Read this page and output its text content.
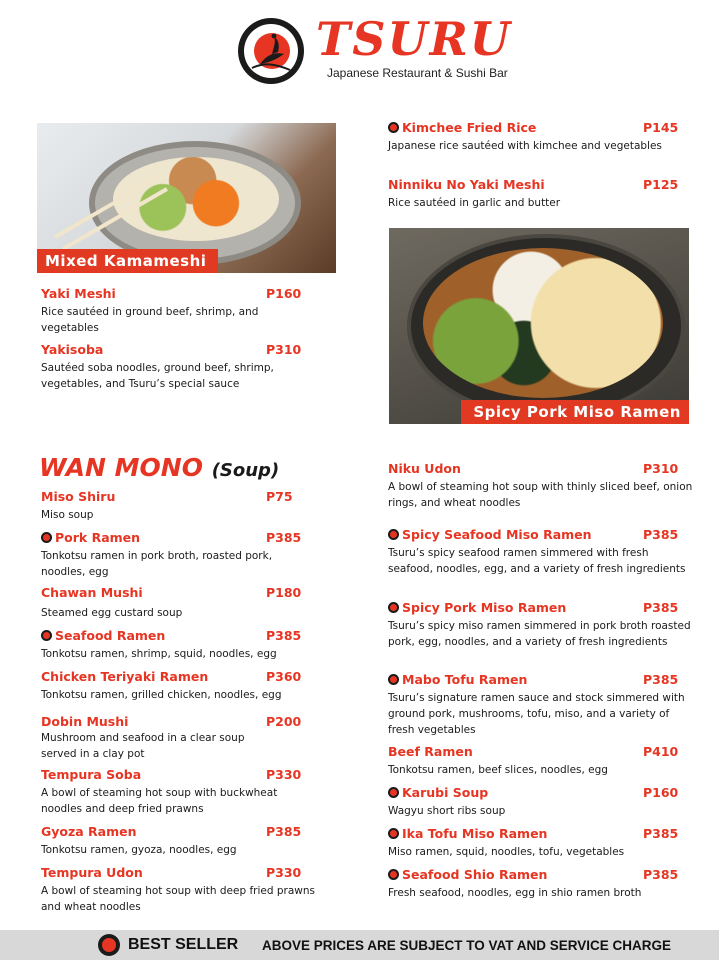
TSURU
Japanese Restaurant & Sushi Bar
Mixed Kamameshi
Spicy Pork Miso Ramen
Yaki Meshi	P160
Rice sautéed in ground beef, shrimp, and vegetables
Yakisoba	P310
Sautéed soba noodles, ground beef, shrimp, vegetables, and Tsuru’s special sauce
Kimchee Fried Rice	P145
Japanese rice sautéed with kimchee and vegetables
Ninniku No Yaki Meshi	P125
Rice sautéed in garlic and butter
WAN MONO (Soup)
Miso Shiru	P75
Miso soup
Pork Ramen	P385
Tonkotsu ramen in pork broth, roasted pork, noodles, egg
Chawan Mushi	P180
Steamed egg custard soup
Seafood Ramen	P385
Tonkotsu ramen, shrimp, squid, noodles, egg
Chicken Teriyaki Ramen	P360
Tonkotsu ramen, grilled chicken, noodles, egg
Dobin Mushi	P200
Mushroom and seafood in a clear soup served in a clay pot
Tempura Soba	P330
A bowl of steaming hot soup with buckwheat noodles and deep fried prawns
Gyoza Ramen	P385
Tonkotsu ramen, gyoza, noodles, egg
Tempura Udon	P330
A bowl of steaming hot soup with deep fried prawns and wheat noodles
Niku Udon	P310
A bowl of steaming hot soup with thinly sliced beef, onion rings, and wheat noodles
Spicy Seafood Miso Ramen	P385
Tsuru’s spicy seafood ramen simmered with fresh seafood, noodles, egg, and a variety of fresh ingredients
Spicy Pork Miso Ramen	P385
Tsuru’s spicy miso ramen simmered in pork broth roasted pork, egg, noodles, and a variety of fresh ingredients
Mabo Tofu Ramen	P385
Tsuru’s signature ramen sauce and stock simmered with ground pork, mushrooms, tofu, miso, and a variety of fresh vegetables
Beef Ramen	P410
Tonkotsu ramen, beef slices, noodles, egg
Karubi Soup	P160
Wagyu short ribs soup
Ika Tofu Miso Ramen	P385
Miso ramen, squid, noodles, tofu, vegetables
Seafood Shio Ramen	P385
Fresh seafood, noodles, egg in shio ramen broth
BEST SELLER ABOVE PRICES ARE SUBJECT TO VAT AND SERVICE CHARGE
